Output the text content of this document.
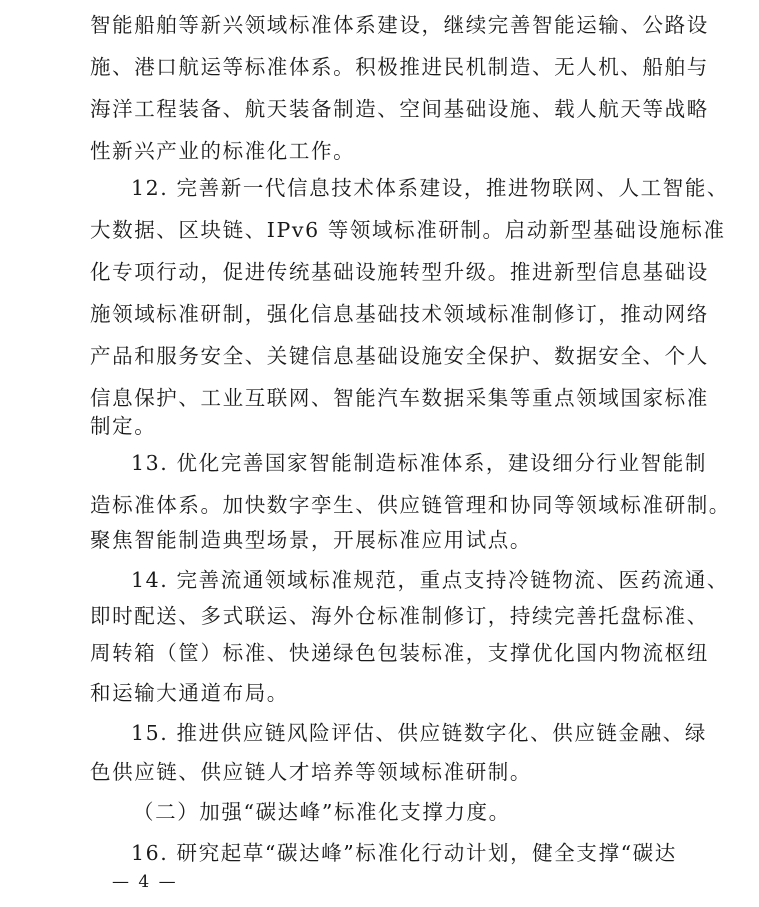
智能船舶等新兴领域标准体系建设，继续完善智能运输、公路设
施、港口航运等标准体系。积极推进民机制造、无人机、船舶与
海洋工程装备、航天装备制造、空间基础设施、载人航天等战略
性新兴产业的标准化工作。
12. 完善新一代信息技术体系建设，推进物联网、人工智能、
大数据、区块链、IPv6 等领域标准研制。启动新型基础设施标准
化专项行动，促进传统基础设施转型升级。推进新型信息基础设
施领域标准研制，强化信息基础技术领域标准制修订，推动网络
产品和服务安全、关键信息基础设施安全保护、数据安全、个人
信息保护、工业互联网、智能汽车数据采集等重点领域国家标准
制定。
13. 优化完善国家智能制造标准体系，建设细分行业智能制
造标准体系。加快数字孪生、供应链管理和协同等领域标准研制。
聚焦智能制造典型场景，开展标准应用试点。
14. 完善流通领域标准规范，重点支持冷链物流、医药流通、
即时配送、多式联运、海外仓标准制修订，持续完善托盘标准、
周转箱（筐）标准、快递绿色包装标准，支撑优化国内物流枢纽
和运输大通道布局。
15. 推进供应链风险评估、供应链数字化、供应链金融、绿
色供应链、供应链人才培养等领域标准研制。
（二）加强“碳达峰”标准化支撑力度。
16. 研究起草“碳达峰”标准化行动计划，健全支撑“碳达
— 4 —
